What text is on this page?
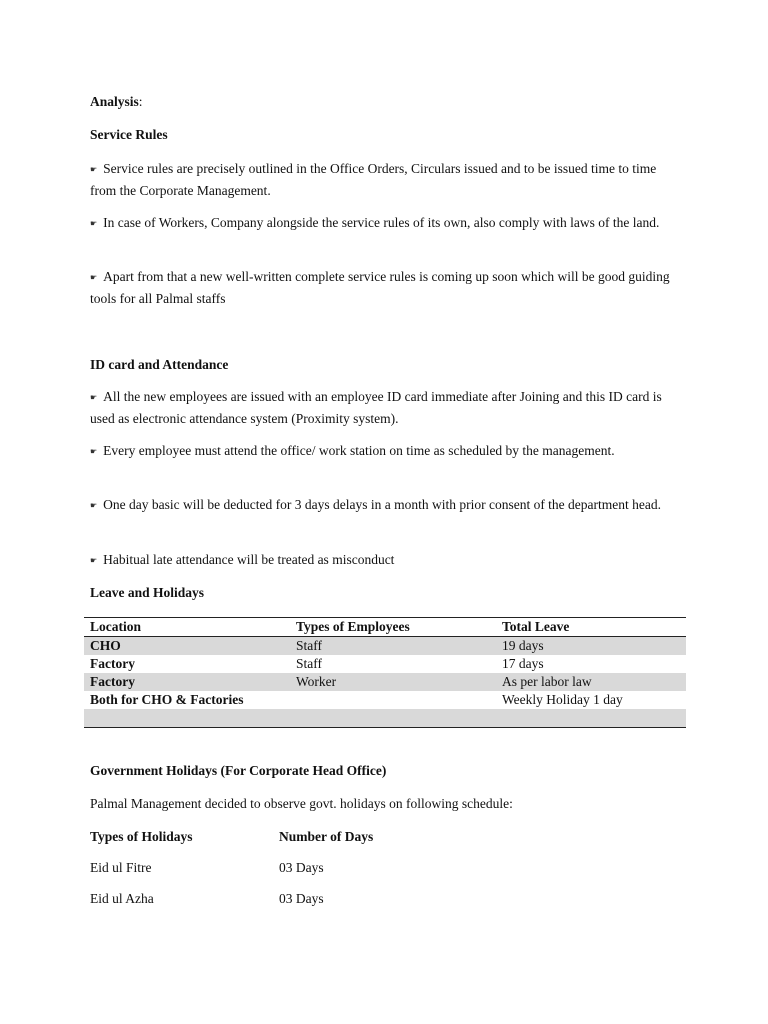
Analysis:
Service Rules
☛ Service rules are precisely outlined in the Office Orders, Circulars issued and to be issued time to time from the Corporate Management.
☛ In case of Workers, Company alongside the service rules of its own, also comply with laws of the land.
☛ Apart from that a new well-written complete service rules is coming up soon which will be good guiding tools for all Palmal staffs
ID card and Attendance
☛ All the new employees are issued with an employee ID card immediate after Joining and this ID card is used as electronic attendance system (Proximity system).
☛ Every employee must attend the office/ work station on time as scheduled by the management.
☛ One day basic will be deducted for 3 days delays in a month with prior consent of the department head.
☛ Habitual late attendance will be treated as misconduct
Leave and Holidays
Location	Types of Employees	Total Leave
CHO	Staff	19 days
Factory	Staff	17 days
Factory	Worker	As per labor law
Both for CHO & Factories		Weekly Holiday 1 day

Government Holidays (For Corporate Head Office)
Palmal Management decided to observe govt. holidays on following schedule:
Types of Holidays	Number of Days
Eid ul Fitre	03 Days
Eid ul Azha	03 Days
